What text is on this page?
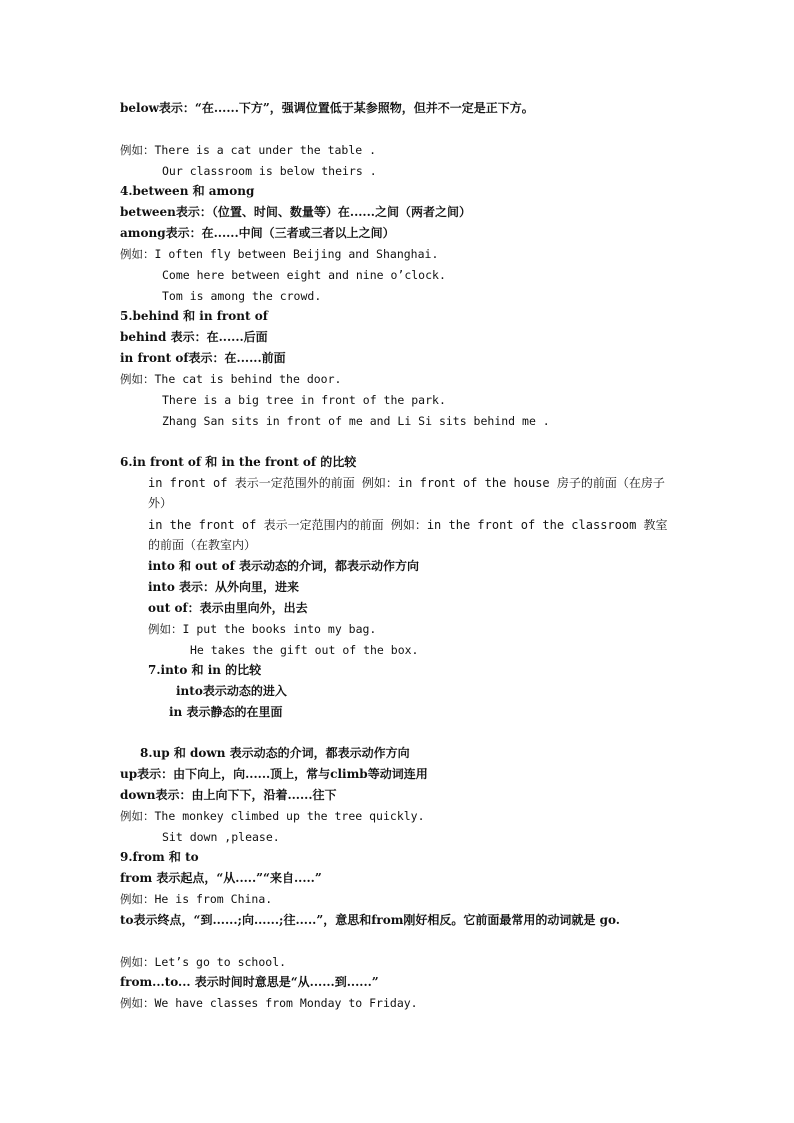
below表示：“在......下方”，强调位置低于某参照物，但并不一定是正下方。
例如：There is a cat under the table .
Our classroom is below theirs .
4.between 和 among
between表示：（位置、时间、数量等）在......之间（两者之间）
among表示：在......中间（三者或三者以上之间）
例如：I often fly between Beijing and Shanghai.
Come here between eight and nine o’clock.
Tom is among the crowd.
5.behind 和 in front of
behind 表示：在......后面
in front of表示：在......前面
例如：The cat is behind the door.
There is a big tree in front of the park.
Zhang San sits in front of me and Li Si sits behind me .
6.in front of 和 in the front of 的比较
in front of 表示一定范围外的前面 例如：in front of the house 房子的前面（在房子外）
in the front of 表示一定范围内的前面 例如：in the front of the classroom 教室的前面（在教室内）
into 和 out of 表示动态的介词，都表示动作方向
into 表示：从外向里，进来
out of：表示由里向外，出去
例如：I put the books into my bag.
He takes the gift out of the box.
7.into 和 in 的比较
into表示动态的进入
in 表示静态的在里面
8.up 和 down 表示动态的介词，都表示动作方向
up表示：由下向上，向......顶上，常与climb等动词连用
down表示：由上向下下，沿着......往下
例如：The monkey climbed up the tree quickly.
Sit down ,please.
9.from 和 to
from 表示起点，“从.....”“来自.....”
例如：He is from China.
to表示终点，“到......;向......;往.....”，意思和from刚好相反。它前面最常用的动词就是 go.
例如：Let’s go to school.
from...to... 表示时间时意思是“从......到......”
例如：We have classes from Monday to Friday.
